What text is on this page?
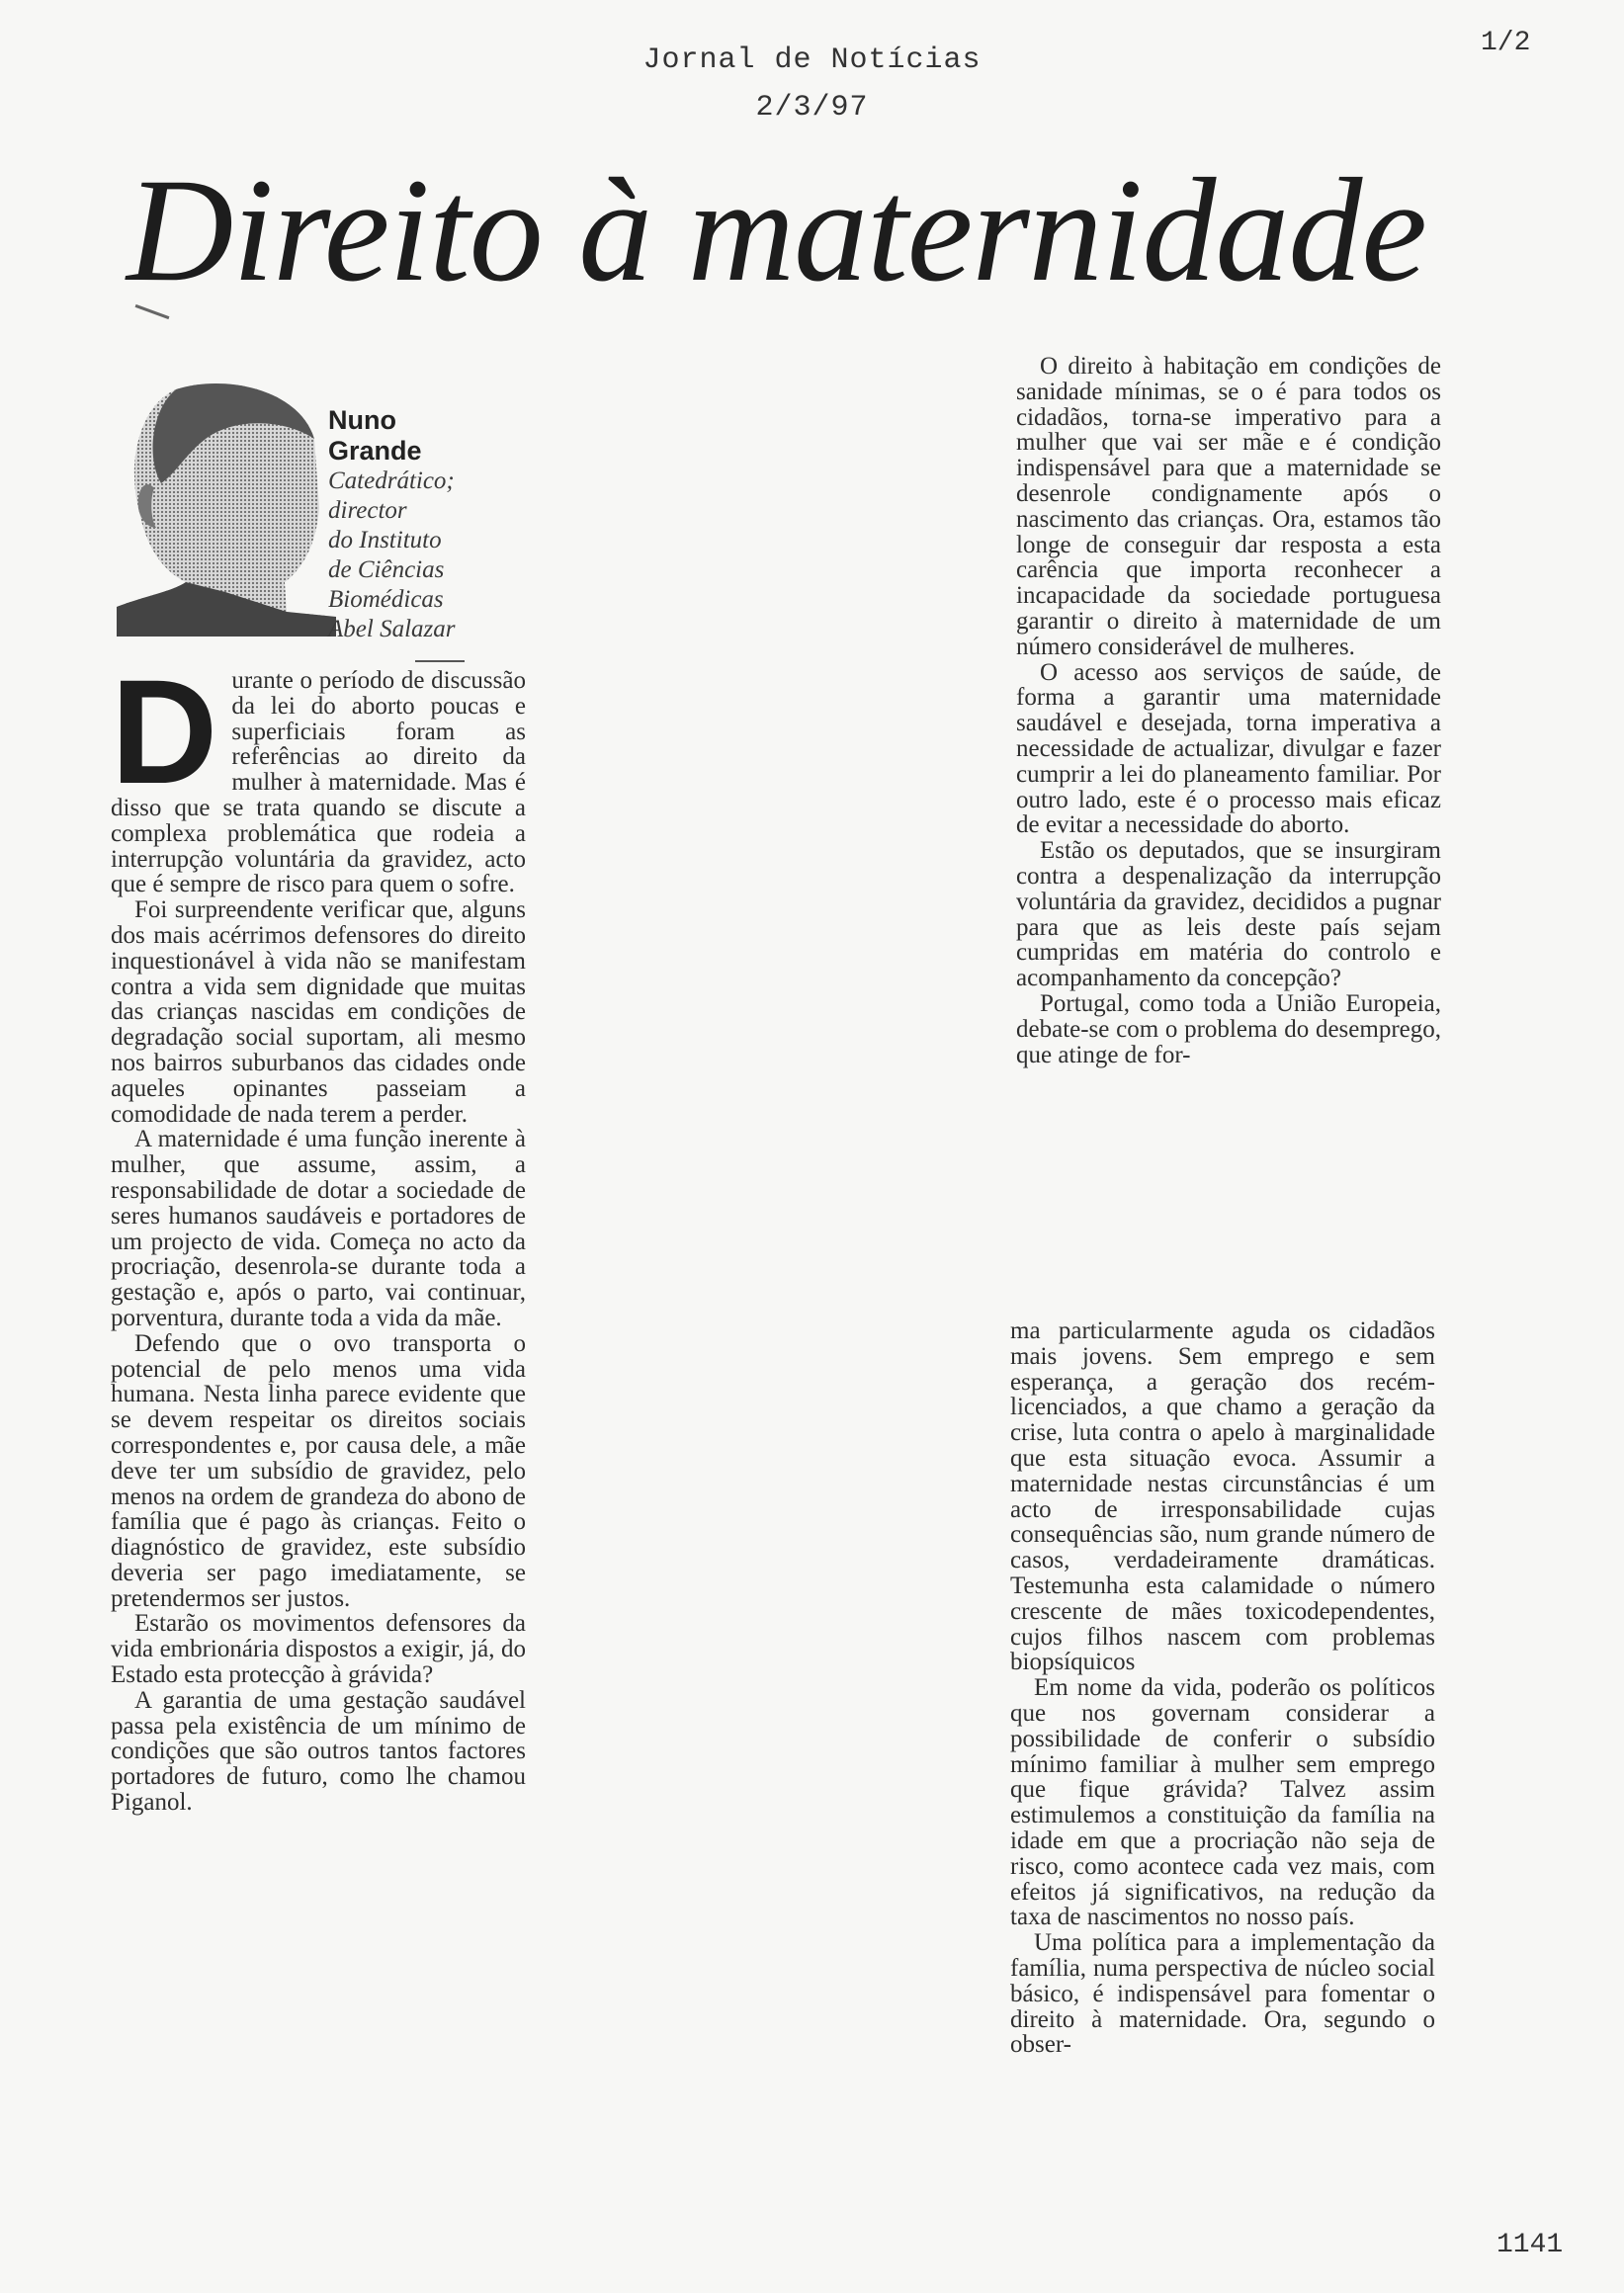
Jornal de Notícias
2/3/97
1/2
Direito à maternidade
Nuno
Grande
Catedrático;
director
do Instituto
de Ciências
Biomédicas
Abel Salazar
D urante o período de discussão da lei do aborto poucas e superficiais foram as referências ao direito da mulher à maternidade. Mas é disso que se trata quando se discute a complexa problemática que rodeia a interrupção voluntária da gravidez, acto que é sempre de risco para quem o sofre.

Foi surpreendente verificar que, alguns dos mais acérrimos defensores do direito inquestionável à vida não se manifestam contra a vida sem dignidade que muitas das crianças nascidas em condições de degradação social suportam, ali mesmo nos bairros suburbanos das cidades onde aqueles opinantes passeiam a comodidade de nada terem a perder.

A maternidade é uma função inerente à mulher, que assume, assim, a responsabilidade de dotar a sociedade de seres humanos saudáveis e portadores de um projecto de vida. Começa no acto da procriação, desenrola-se durante toda a gestação e, após o parto, vai continuar, porventura, durante toda a vida da mãe.

Defendo que o ovo transporta o potencial de pelo menos uma vida humana. Nesta linha parece evidente que se devem respeitar os direitos sociais correspondentes e, por causa dele, a mãe deve ter um subsídio de gravidez, pelo menos na ordem de grandeza do abono de família que é pago às crianças. Feito o diagnóstico de gravidez, este subsídio deveria ser pago imediatamente, se pretendermos ser justos.

Estarão os movimentos defensores da vida embrionária dispostos a exigir, já, do Estado esta protecção à grávida?

A garantia de uma gestação saudável passa pela existência de um mínimo de condições que são outros tantos factores portadores de futuro, como lhe chamou Piganol.

O direito à habitação em condições de sanidade mínimas, se o é para todos os cidadãos, torna-se imperativo para a mulher que vai ser mãe e é condição indispensável para que a maternidade se desenrole condignamente após o nascimento das crianças. Ora, estamos tão longe de conseguir dar resposta a esta carência que importa reconhecer a incapacidade da sociedade portuguesa garantir o direito à maternidade de um número considerável de mulheres.

O acesso aos serviços de saúde, de forma a garantir uma maternidade saudável e desejada, torna imperativa a necessidade de actualizar, divulgar e fazer cumprir a lei do planeamento familiar. Por outro lado, este é o processo mais eficaz de evitar a necessidade do aborto.

Estão os deputados, que se insurgiram contra a despenalização da interrupção voluntária da gravidez, decididos a pugnar para que as leis deste país sejam cumpridas em matéria do controlo e acompanhamento da concepção?

Portugal, como toda a União Europeia, debate-se com o problema do desemprego, que atinge de for-

ma particularmente aguda os cidadãos mais jovens. Sem emprego e sem esperança, a geração dos recém-licenciados, a que chamo a geração da crise, luta contra o apelo à marginalidade que esta situação evoca. Assumir a maternidade nestas circunstâncias é um acto de irresponsabilidade cujas consequências são, num grande número de casos, verdadeiramente dramáticas. Testemunha esta calamidade o número crescente de mães toxicodependentes, cujos filhos nascem com problemas biopsíquicos

Em nome da vida, poderão os políticos que nos governam considerar a possibilidade de conferir o subsídio mínimo familiar à mulher sem emprego que fique grávida? Talvez assim estimulemos a constituição da família na idade em que a procriação não seja de risco, como acontece cada vez mais, com efeitos já significativos, na redução da taxa de nascimentos no nosso país.

Uma política para a implementação da família, numa perspectiva de núcleo social básico, é indispensável para fomentar o direito à maternidade. Ora, segundo o obser-

1141
